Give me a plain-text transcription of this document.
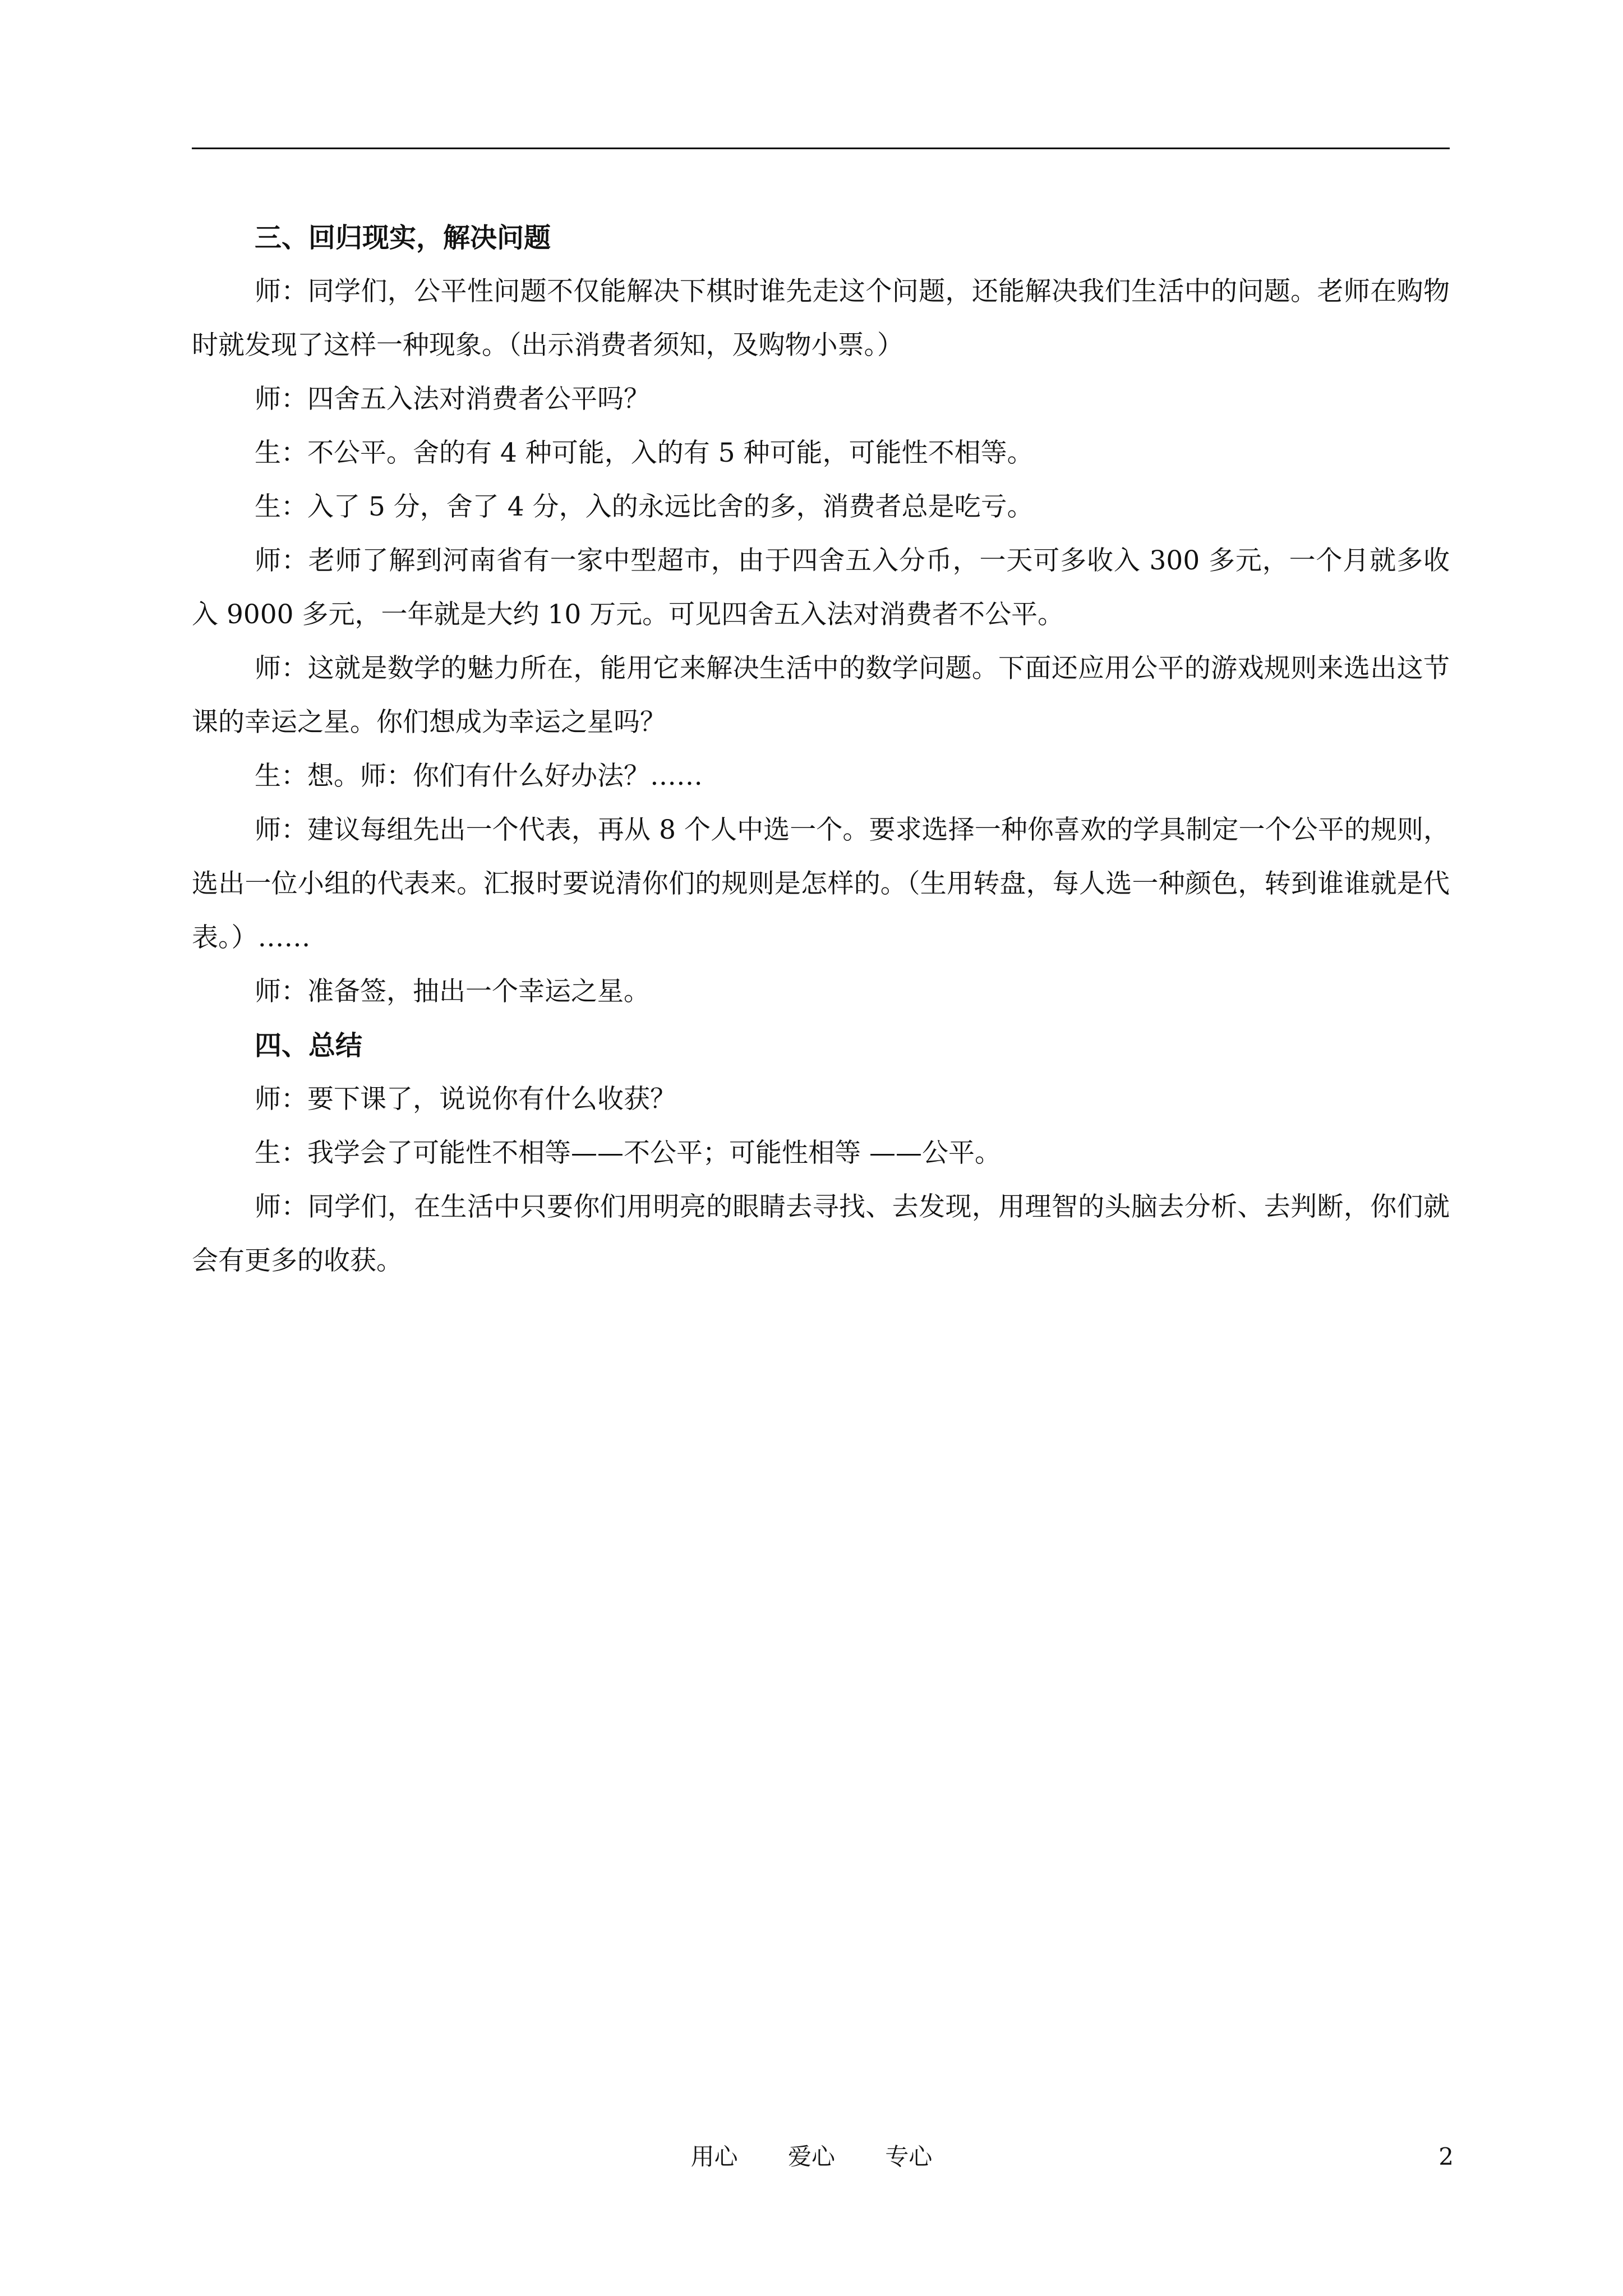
三、回归现实，解决问题

师：同学们，公平性问题不仅能解决下棋时谁先走这个问题，还能解决我们生活中的问题。老师在购物时就发现了这样一种现象。（出示消费者须知，及购物小票。）

师：四舍五入法对消费者公平吗？

生：不公平。舍的有 4 种可能，入的有 5 种可能，可能性不相等。

生：入了 5 分，舍了 4 分，入的永远比舍的多，消费者总是吃亏。

师：老师了解到河南省有一家中型超市，由于四舍五入分币，一天可多收入 300 多元，一个月就多收入 9000 多元，一年就是大约 10 万元。可见四舍五入法对消费者不公平。

师：这就是数学的魅力所在，能用它来解决生活中的数学问题。下面还应用公平的游戏规则来选出这节课的幸运之星。你们想成为幸运之星吗？

生：想。师：你们有什么好办法？……

师：建议每组先出一个代表，再从 8 个人中选一个。要求选择一种你喜欢的学具制定一个公平的规则，选出一位小组的代表来。汇报时要说清你们的规则是怎样的。（生用转盘，每人选一种颜色，转到谁谁就是代表。）……

师：准备签，抽出一个幸运之星。

四、总结

师：要下课了，说说你有什么收获？

生：我学会了可能性不相等——不公平；可能性相等 ——公平。

师：同学们，在生活中只要你们用明亮的眼睛去寻找、去发现，用理智的头脑去分析、去判断，你们就会有更多的收获。

用心 爱心 专心	2
